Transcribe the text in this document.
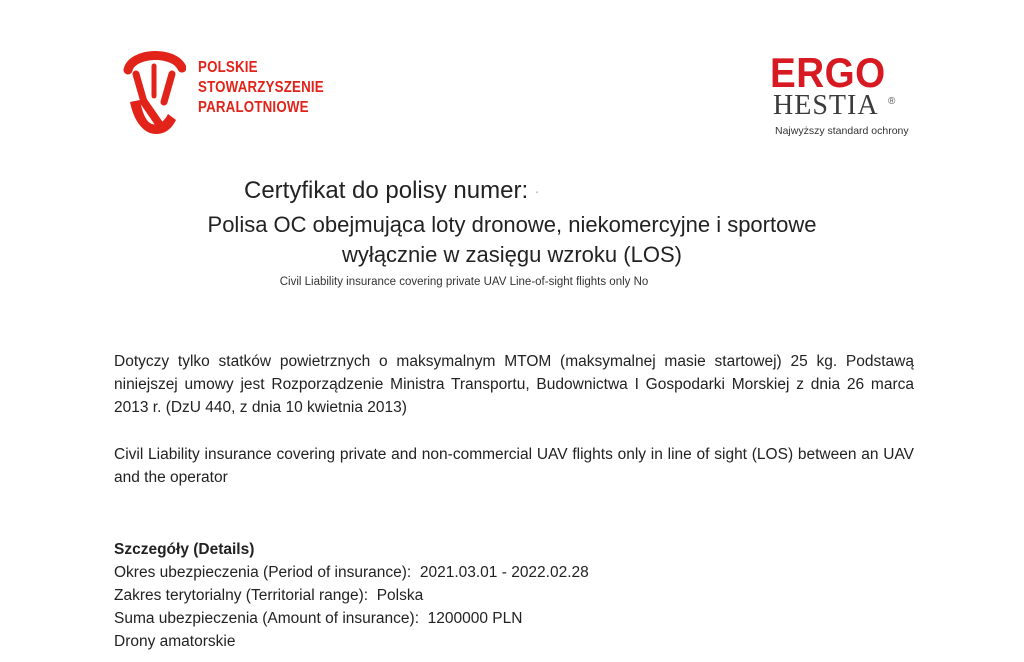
POLSKIE
STOWARZYSZENIE
PARALOTNIOWE
ERGO
HESTIA ®
Najwyższy standard ochrony
Certyfikat do polisy numer: ·

Polisa OC obejmująca loty dronowe, niekomercyjne i sportowe
wyłącznie w zasięgu wzroku (LOS)

Civil Liability insurance covering private UAV Line-of-sight flights only No

Dotyczy tylko statków powietrznych o maksymalnym MTOM (maksymalnej masie startowej) 25 kg. Podstawą niniejszej umowy jest Rozporządzenie Ministra Transportu, Budownictwa I Gospodarki Morskiej z dnia 26 marca 2013 r. (DzU 440, z dnia 10 kwietnia 2013)

Civil Liability insurance covering private and non-commercial UAV flights only in line of sight (LOS) between an UAV and the operator

Szczegóły (Details)
Okres ubezpieczenia (Period of insurance):  2021.03.01 - 2022.02.28
Zakres terytorialny (Territorial range):  Polska
Suma ubezpieczenia (Amount of insurance):  1200000 PLN
Drony amatorskie
